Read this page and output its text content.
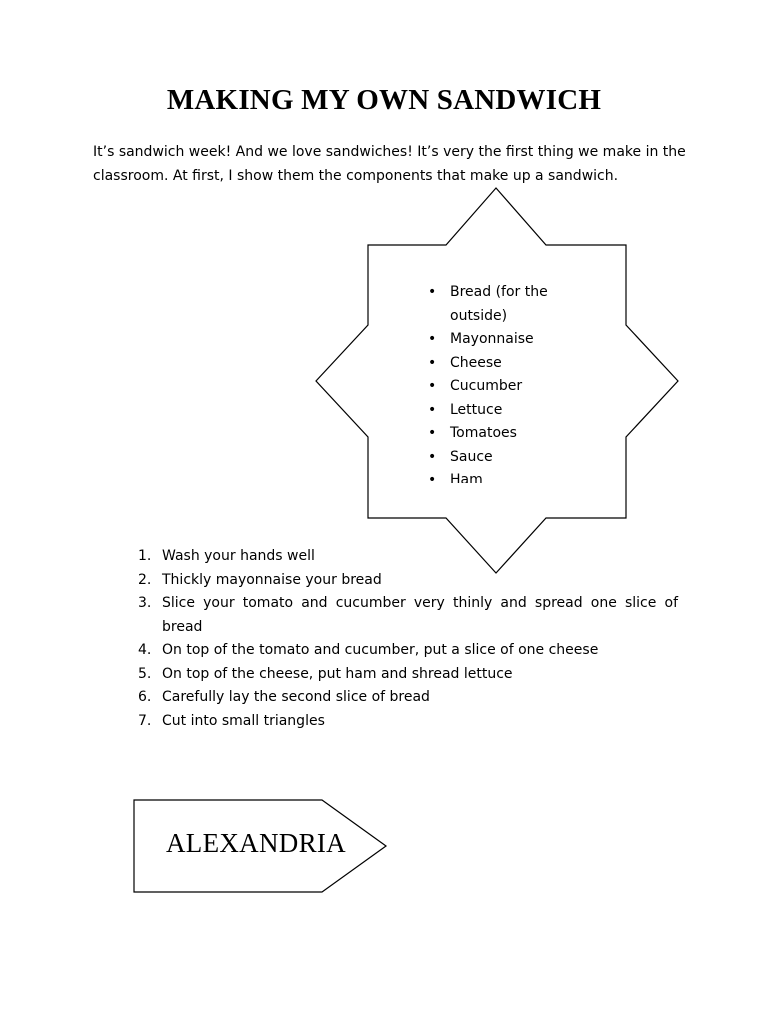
MAKING MY OWN SANDWICH

It’s sandwich week! And we love sandwiches! It’s very the first thing we make in the classroom. At first, I show them the components that make up a sandwich.

• Bread (for the outside)
• Mayonnaise
• Cheese
• Cucumber
• Lettuce
• Tomatoes
• Sauce
• Ham
1. Wash your hands well
2. Thickly mayonnaise your bread
3. Slice your tomato and cucumber very thinly and spread one slice of bread
4. On top of the tomato and cucumber, put a slice of one cheese
5. On top of the cheese, put ham and shread lettuce
6. Carefully lay the second slice of bread
7. Cut into small triangles
ALEXANDRIA
